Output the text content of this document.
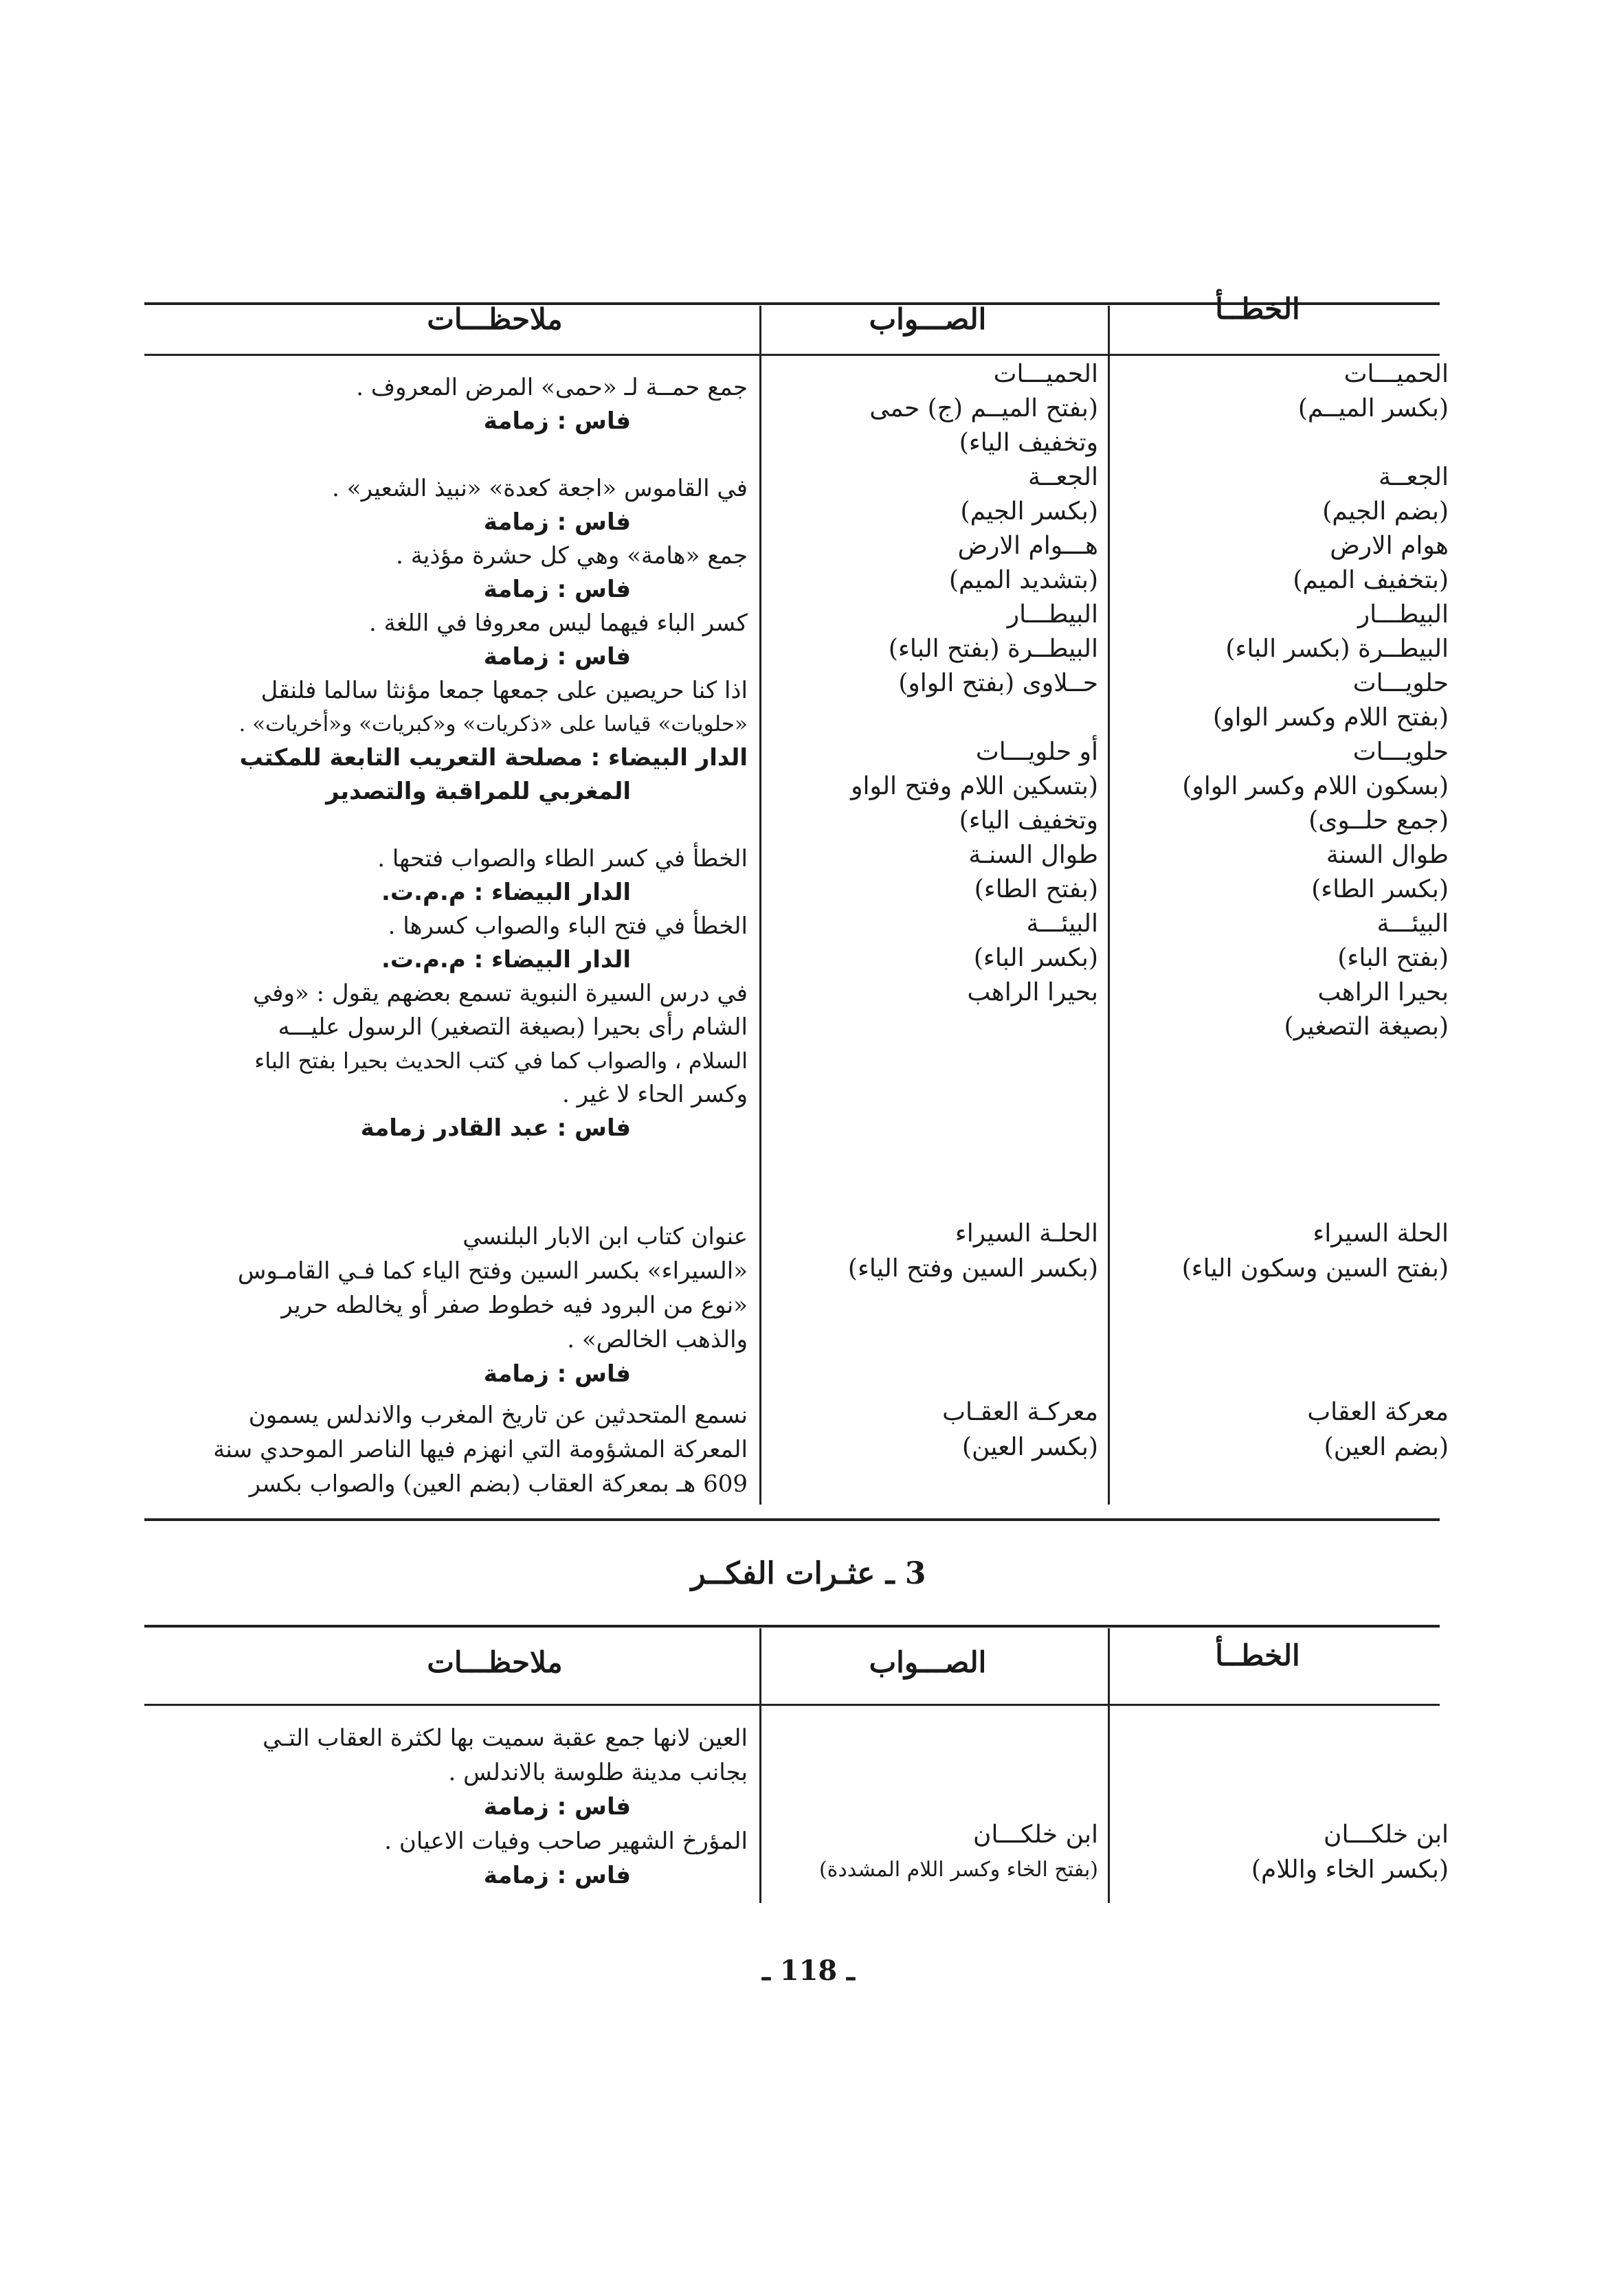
الخطــأ
الصـــواب
ملاحظـــات
الحميـــات
(بكسر الميــم)

الجعــة
(بضم الجيم)
هوام الارض
(بتخفيف الميم)
البيطـــار
البيطــرة (بكسر الباء)
حلويـــات
(بفتح اللام وكسر الواو)
حلويـــات
(بسكون اللام وكسر الواو)
(جمع حلــوى)
طوال السنة
(بكسر الطاء)
البيئـــة
(بفتح الباء)
بحيرا الراهب
(بصيغة التصغير)
الحميـــات
(بفتح الميــم (ج) حمى
وتخفيف الياء)
الجعــة
(بكسر الجيم)
هـــوام الارض
(بتشديد الميم)
البيطـــار
البيطــرة (بفتح الباء)
حــلاوى (بفتح الواو)

أو حلويـــات
(بتسكين اللام وفتح الواو
وتخفيف الياء)
طوال السنـة
(بفتح الطاء)
البيئـــة
(بكسر الباء)
بحيرا الراهب
جمع حمــة لـ «حمى» المرض المعروف .
فاس : زمامة

في القاموس «اجعة كعدة» «نبيذ الشعير» .
فاس : زمامة
جمع «هامة» وهي كل حشرة مؤذية .
فاس : زمامة
كسر الباء فيهما ليس معروفا في اللغة .
فاس : زمامة
اذا كنا حريصين على جمعها جمعا مؤنثا سالما فلنقل
«حلويات» قياسا على «ذكريات» و«كبريات» و«أخريات» .
الدار البيضاء : مصلحة التعريب التابعة للمكتب
المغربي للمراقبة والتصدير

الخطأ في كسر الطاء والصواب فتحها .
الدار البيضاء : م.م.ت.
الخطأ في فتح الباء والصواب كسرها .
الدار البيضاء : م.م.ت.
في درس السيرة النبوية تسمع بعضهم يقول : «وفي
الشام رأى بحيرا (بصيغة التصغير) الرسول عليـــه
السلام ، والصواب كما في كتب الحديث بحيرا بفتح الباء
وكسر الحاء لا غير .
فاس : عبد القادر زمامة
الحلة السيراء
(بفتح السين وسكون الياء)
الحلـة السيراء
(بكسر السين وفتح الياء)
عنوان كتاب ابن الابار البلنسي
«السيراء» بكسر السين وفتح الياء كما فـي القامـوس
«نوع من البرود فيه خطوط صفر أو يخالطه حرير
والذهب الخالص» .
فاس : زمامة
معركة العقاب
(بضم العين)
معركـة العقـاب
(بكسر العين)
نسمع المتحدثين عن تاريخ المغرب والاندلس يسمون
المعركة المشؤومة التي انهزم فيها الناصر الموحدي سنة
609 هـ بمعركة العقاب (بضم العين) والصواب بكسر
3 ـ عثـرات الفكــر
الخطــأ
الصـــواب
ملاحظـــات
العين لانها جمع عقبة سميت بها لكثرة العقاب التـي
بجانب مدينة طلوسة بالاندلس .
فاس : زمامة
المؤرخ الشهير صاحب وفيات الاعيان .
فاس : زمامة
ابن خلكـــان
(بفتح الخاء وكسر اللام المشددة)
ابن خلكـــان
(بكسر الخاء واللام)
ـ 118 ـ
